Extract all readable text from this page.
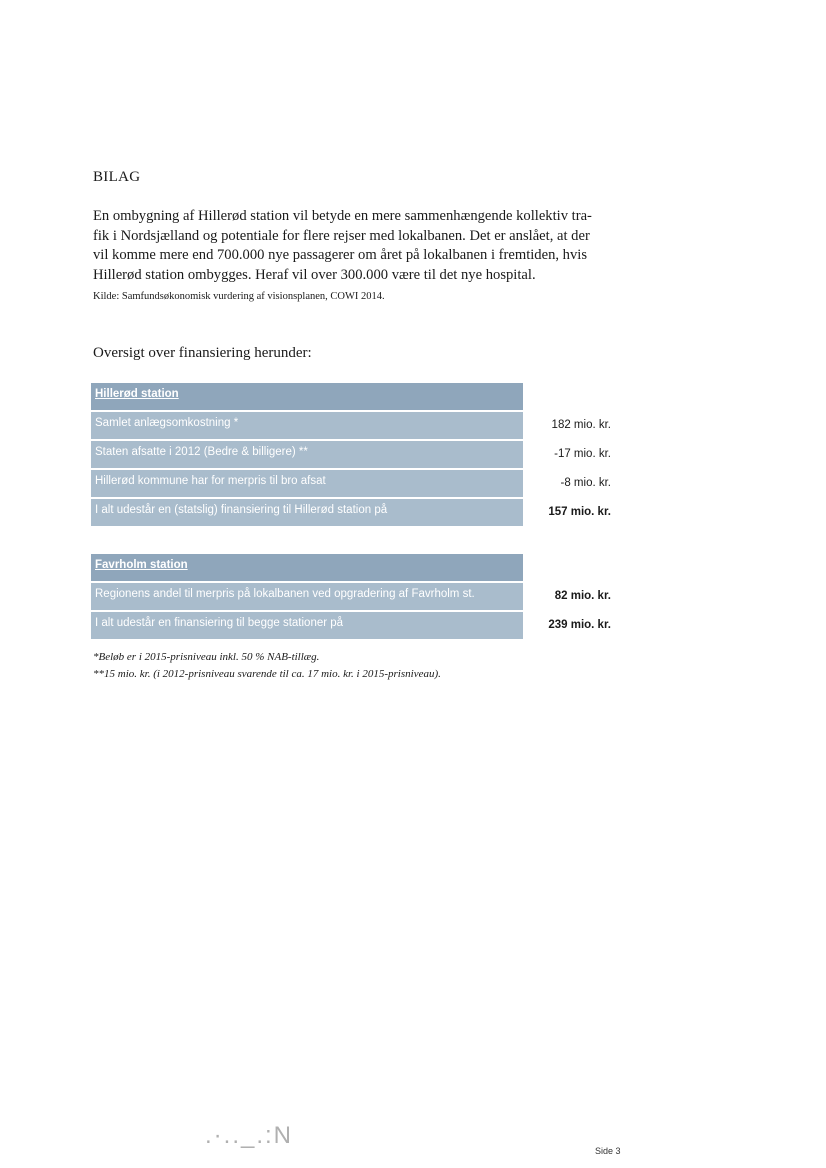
BILAG
En ombygning af Hillerød station vil betyde en mere sammenhængende kollektiv tra-
fik i Nordsjælland og potentiale for flere rejser med lokalbanen. Det er anslået, at der
vil komme mere end 700.000 nye passagerer om året på lokalbanen i fremtiden, hvis
Hillerød station ombygges. Heraf vil over 300.000 være til det nye hospital.
Kilde: Samfundsøkonomisk vurdering af visionsplanen, COWI 2014.
Oversigt over finansiering herunder:
Hillerød station
Samlet anlægsomkostning *	182 mio. kr.
Staten afsatte i 2012 (Bedre & billigere) **	-17 mio. kr.
Hillerød kommune har for merpris til bro afsat	-8 mio. kr.
I alt udestår en (statslig) finansiering til Hillerød station på	157 mio. kr.
Favrholm station
Regionens andel til merpris på lokalbanen ved opgradering af Favrholm st.	82 mio. kr.
I alt udestår en finansiering til begge stationer på	239 mio. kr.
*Beløb er i 2015-prisniveau inkl. 50 % NAB-tillæg.
**15 mio. kr. (i 2012-prisniveau svarende til ca. 17 mio. kr. i 2015-prisniveau).
.·.._.:N
Side 3
